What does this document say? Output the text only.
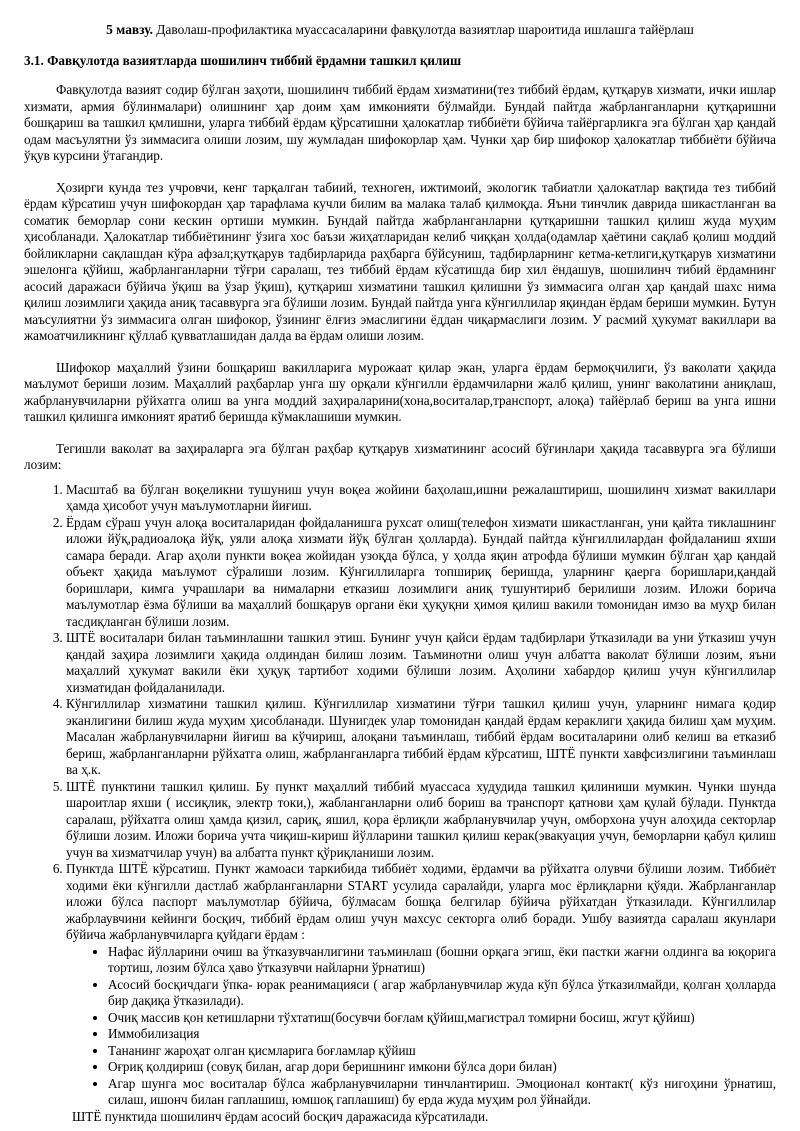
5 мавзу. Даволаш-профилактика муассасаларини фавқулотда вазиятлар шароитида ишлашга тайёрлаш
3.1. Фавқулотда вазиятларда шошилинч тиббий ёрдамни ташкил қилиш

Фавқулотда вазият содир бўлган заҳоти, шошилинч тиббий ёрдам хизматини(тез тиббий ёрдам, қутқарув хизмати, ички ишлар хизмати, армия бўлинмалари) олишнинг ҳар доим ҳам имконияти бўлмайди. Бундай пайтда жабрланганларни қутқаришни бошқариш ва ташкил қмлишни, уларга тиббий ёрдам қўрсатишни ҳалокатлар тиббиёти бўйича тайёргарликга эга бўлган ҳар қандай одам масъулятни ўз зиммасига олиши лозим, шу жумладан шифокорлар ҳам. Чунки ҳар бир шифокор ҳалокатлар тиббиёти бўйича ўқув курсини ўтагандир.

Ҳозирги кунда тез учровчи, кенг тарқалган табиий, техноген, ижтимоий, экологик табиатли ҳалокатлар вақтида тез тиббий ёрдам кўрсатиш учун шифокордан ҳар тарафлама кучли билим ва малака талаб қилмоқда. Яъни тинчлик даврида шикастланган ва соматик беморлар сони кескин ортиши мумкин. Бундай пайтда жабрланганларни қутқаришни ташкил қилиш жуда муҳим ҳисобланади. Ҳалокатлар тиббиётининг ўзига хос баъзи жиҳатларидан келиб чиққан ҳолда(одамлар ҳаётини сақлаб қолиш моддий бойликларни сақлашдан кўра афзал;қутқарув тадбирларида раҳбарга бўйсуниш, тадбирларнинг кетма-кетлиги,қутқарув хизматини эшелонга қўйиш, жабрланганларни тўғри саралаш, тез тиббий ёрдам кўсатишда бир хил ёндашув, шошилинч тибий ёрдамнинг асосий даражаси бўйича ўқиш ва ўзар ўқиш), қутқариш хизматини ташкил қилишни ўз зиммасига олган ҳар қандай шахс нима қилиш лозимлиги ҳақида аниқ тасаввурга эга бўлиши лозим. Бундай пайтда унга кўнгиллилар яқиндан ёрдам бериши мумкин. Бутун маъсулиятни ўз зиммасига олган шифокор, ўзининг ёлғиз эмаслигини ёддан чиқармаслиги лозим. У расмий ҳукумат вакиллари ва жамоатчиликнинг қўллаб қувватлашидан далда ва ёрдам олиши лозим.

Шифокор маҳаллий ўзини бошқариш вакилларига мурожаат қилар экан, уларга ёрдам бермоқчилиги, ўз ваколати ҳақида маълумот бериши лозим. Маҳаллий раҳбарлар унга шу орқали кўнгилли ёрдамчиларни жалб қилиш, унинг ваколатини аниқлаш, жабрланувчиларни рўйхатга олиш ва унга моддий заҳираларини(хона,воситалар,транспорт, алоқа) тайёрлаб бериш ва унга ишни ташкил қилишга имконият яратиб беришда кўмаклашиши мумкин.

Тегишли ваколат ва заҳираларга эга бўлган раҳбар қутқарув хизматининг асосий бўғинлари ҳақида тасаввурга эга бўлиши лозим:

1. Масштаб ва бўлган воқеликни тушуниш учун воқеа жойини баҳолаш,ишни режалаштириш, шошилинч хизмат вакиллари ҳамда ҳисобот учун маълумотларни йиғиш.
2. Ёрдам сўраш учун алоқа воситаларидан фойдаланишга рухсат олиш(телефон хизмати шикастланган, уни қайта тиклашнинг иложи йўқ,радиоалоқа йўқ, уяли алоқа хизмати йўқ бўлган ҳолларда). Бундай пайтда кўнгиллилардан фойдаланиш яхши самара беради. Агар аҳоли пункти воқеа жойидан узоқда бўлса, у ҳолда яқин атрофда бўлиши мумкин бўлган ҳар қандай объект ҳақида маълумот сўралиши лозим. Кўнгиллиларга топшириқ беришда, уларнинг қаерга боришлари,қандай боришлари, кимга учрашлари ва нималарни етказиш лозимлиги аниқ тушунтириб берилиши лозим. Иложи борича маълумотлар ёзма бўлиши ва маҳаллий бошқарув органи ёки ҳуқуқни ҳимоя қилиш вакили томонидан имзо ва муҳр билан тасдиқланган бўлиши лозим.
3. ШТЁ воситалари билан таъминлашни ташкил этиш. Бунинг учун қайси ёрдам тадбирлари ўтказилади ва уни ўтказиш учун қандай заҳира лозимлиги ҳақида олдиндан билиш лозим. Таъминотни олиш учун албатта ваколат бўлиши лозим, яъни маҳаллий ҳукумат вакили ёки ҳуқуқ тартибот ходими бўлиши лозим. Аҳолини хабардор қилиш учун кўнгиллилар хизматидан фойдаланилади.
4. Кўнгиллилар хизматини ташкил қилиш. Кўнгиллилар хизматини тўғри ташкил қилиш учун, уларнинг нимага қодир эканлигини билиш жуда муҳим ҳисобланади. Шунигдек улар томонидан қандай ёрдам кераклиги ҳақида билиш ҳам муҳим. Масалан жабрланувчиларни йиғиш ва кўчириш, алоқани таъминлаш, тиббий ёрдам воситаларини олиб келиш ва етказиб бериш, жабрланганларни рўйхатга олиш, жабрланганларга тиббий ёрдам кўрсатиш, ШТЁ пункти хавфсизлигини таъминлаш ва ҳ.к.
5. ШТЁ пунктини ташкил қилиш. Бу пункт маҳаллий тиббий муассаса худудида ташкил қилиниши мумкин. Чунки шунда шароитлар яхши ( иссиқлик, электр токи,), жабланганларни олиб бориш ва транспорт қатнови ҳам қулай бўлади. Пунктда саралаш, рўйхатга олиш ҳамда қизил, сариқ, яшил, қора ёрлиқли жабрланувчилар учун, омборхона учун алоҳида секторлар бўлиши лозим. Иложи борича учта чиқиш-кириш йўлларини ташкил қилиш керак(эвакуация учун, беморларни қабул қилиш учун ва хизматчилар учун) ва албатта пункт қўриқланиши лозим.
6. Пунктда ШТЁ кўрсатиш. Пункт жамоаси таркибида тиббиёт ходими, ёрдамчи ва рўйхатга олувчи бўлиши лозим. Тиббиёт ходими ёки кўнгилли дастлаб жабрланганларни START усулида саралайди, уларга мос ёрлиқларни қўяди. Жабрланганлар иложи бўлса паспорт маълумотлар бўйича, бўлмасам бошқа белгилар бўйича рўйхатдан ўтказилади. Кўнгиллилар жабрлаувчини кейинги босқич, тиббий ёрдам олиш учун махсус секторга олиб боради. Ушбу вазиятда саралаш якунлари бўйича жабрланувчиларга қуйдаги ёрдам :
• Нафас йўлларини очиш ва ўтказувчанлигини таъминлаш (бошни орқага эгиш, ёки пастки жағни олдинга ва юқорига тортиш, лозим бўлса ҳаво ўтказувчи найларни ўрнатиш)
• Асосий босқичдаги ўпка- юрак реанимацияси ( агар жабрланувчилар жуда кўп бўлса ўтказилмайди, қолган ҳолларда бир дақиқа ўтказилади).
• Очиқ массив қон кетишларни тўхтатиш(босувчи боғлам қўйиш,магистрал томирни босиш, жгут қўйиш)
• Иммобилизация
• Тананинг жароҳат олган қисмларига боғламлар қўйиш
• Оғриқ қолдириш (совуқ билан, агар дори беришнинг имкони бўлса дори билан)
• Агар шунга мос воситалар бўлса жабрланувчиларни тинчлантириш. Эмоционал контакт( кўз нигоҳини ўрнатиш, силаш, ишонч билан гаплашиш, юмшоқ гаплашиш) бу ерда жуда муҳим рол ўйнайди.

ШТЁ пунктида шошилинч ёрдам асосий босқич даражасида кўрсатилади.
